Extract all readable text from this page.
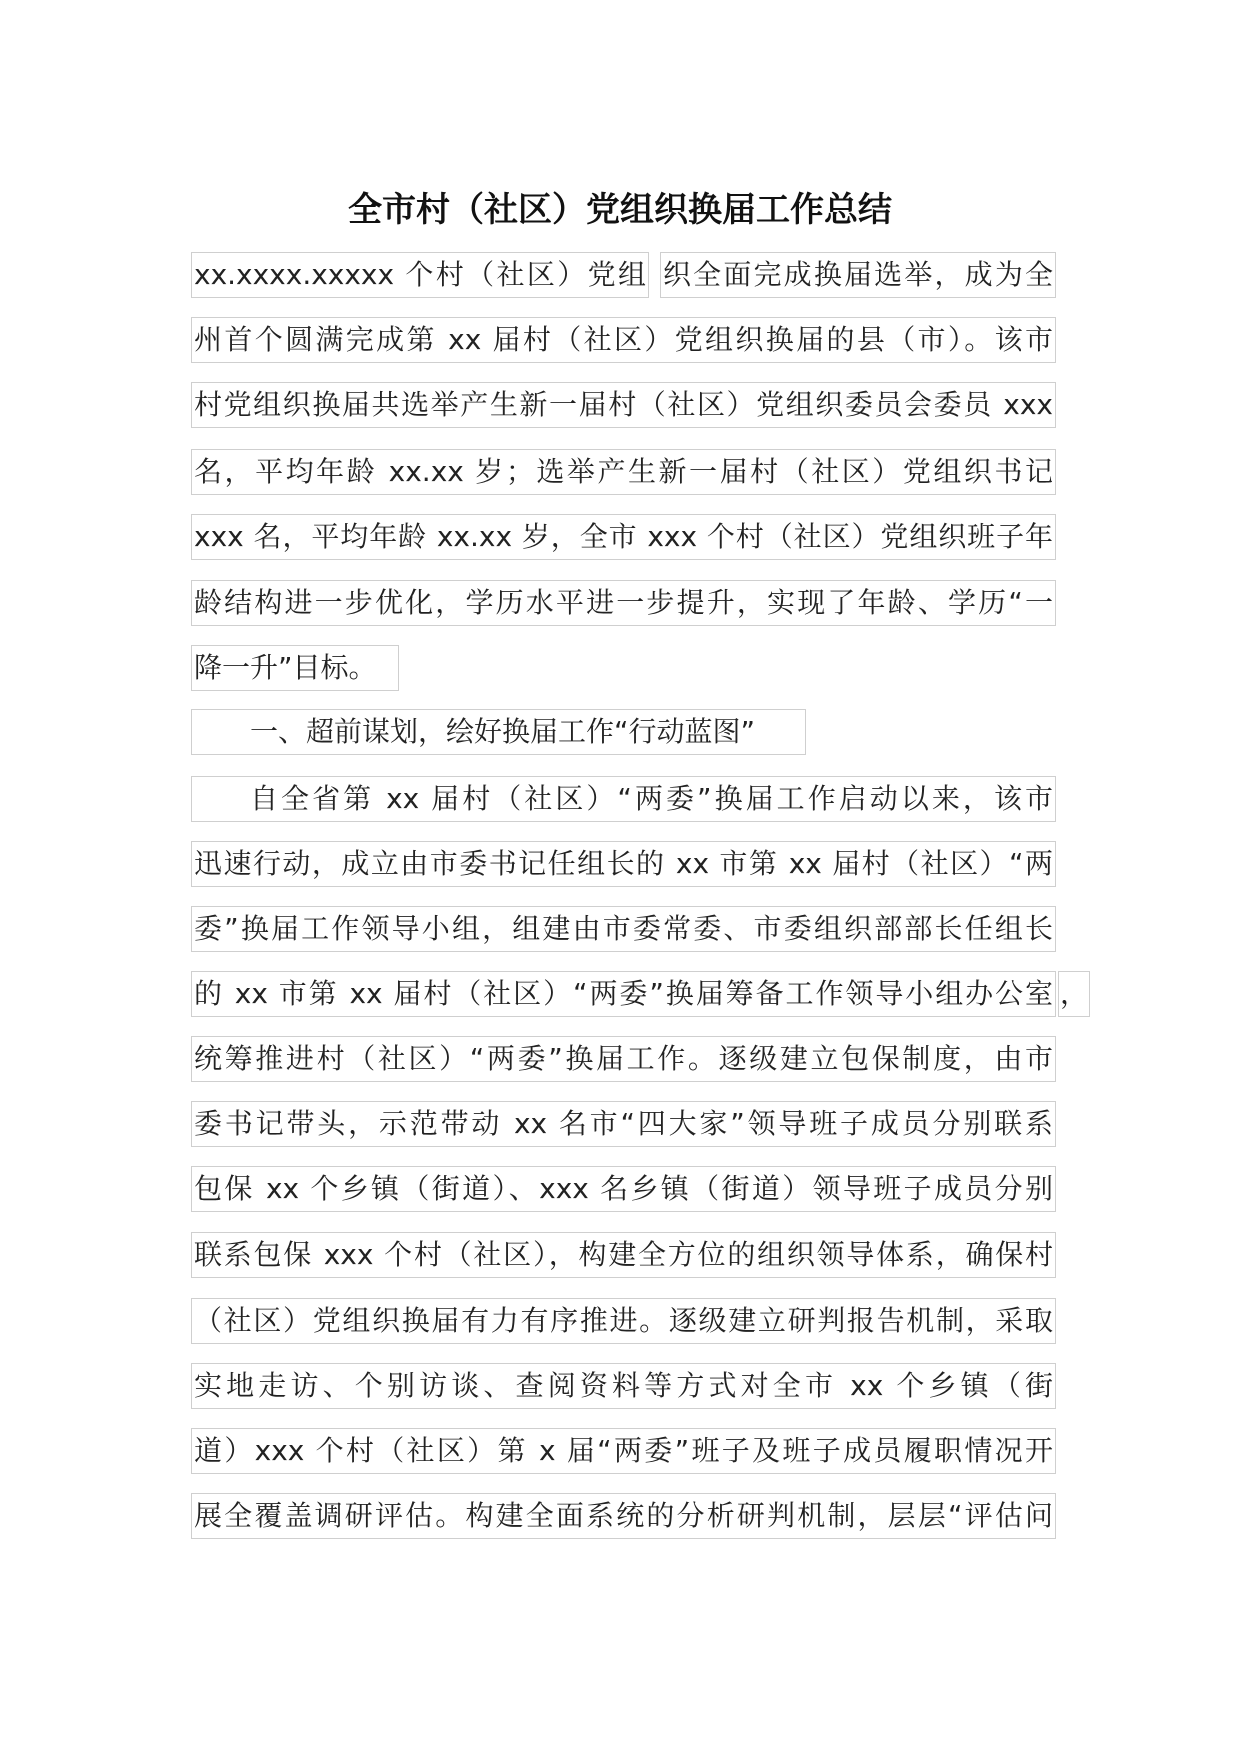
全市村（社区）党组织换届工作总结
xx.xxxx.xxxxx 个村（社区）党组 织全面完成换届选举，成为全
州首个圆满完成第 xx 届村（社区）党组织换届的县（市）。该市
村党组织换届共选举产生新一届村（社区）党组织委员会委员 xxx
名，平均年龄 xx.xx 岁；选举产生新一届村（社区）党组织书记
xxx 名，平均年龄 xx.xx 岁，全市 xxx 个村（社区）党组织班子年
龄结构进一步优化，学历水平进一步提升，实现了年龄、学历“一
降一升”目标。
一、超前谋划，绘好换届工作“行动蓝图”
自全省第 xx 届村（社区）“两委”换届工作启动以来，该市
迅速行动，成立由市委书记任组长的 xx 市第 xx 届村（社区）“两
委”换届工作领导小组，组建由市委常委、市委组织部部长任组长
的 xx 市第 xx 届村（社区）“两委”换届筹备工作领导小组办公室 ，
统筹推进村（社区）“两委”换届工作。逐级建立包保制度，由市
委书记带头，示范带动 xx 名市“四大家”领导班子成员分别联系
包保 xx 个乡镇（街道）、xxx 名乡镇（街道）领导班子成员分别
联系包保 xxx 个村（社区），构建全方位的组织领导体系，确保村
（社区）党组织换届有力有序推进。逐级建立研判报告机制，采取
实地走访、个别访谈、查阅资料等方式对全市 xx 个乡镇（街
道）xxx 个村（社区）第 x 届“两委”班子及班子成员履职情况开
展全覆盖调研评估。构建全面系统的分析研判机制，层层“评估问
